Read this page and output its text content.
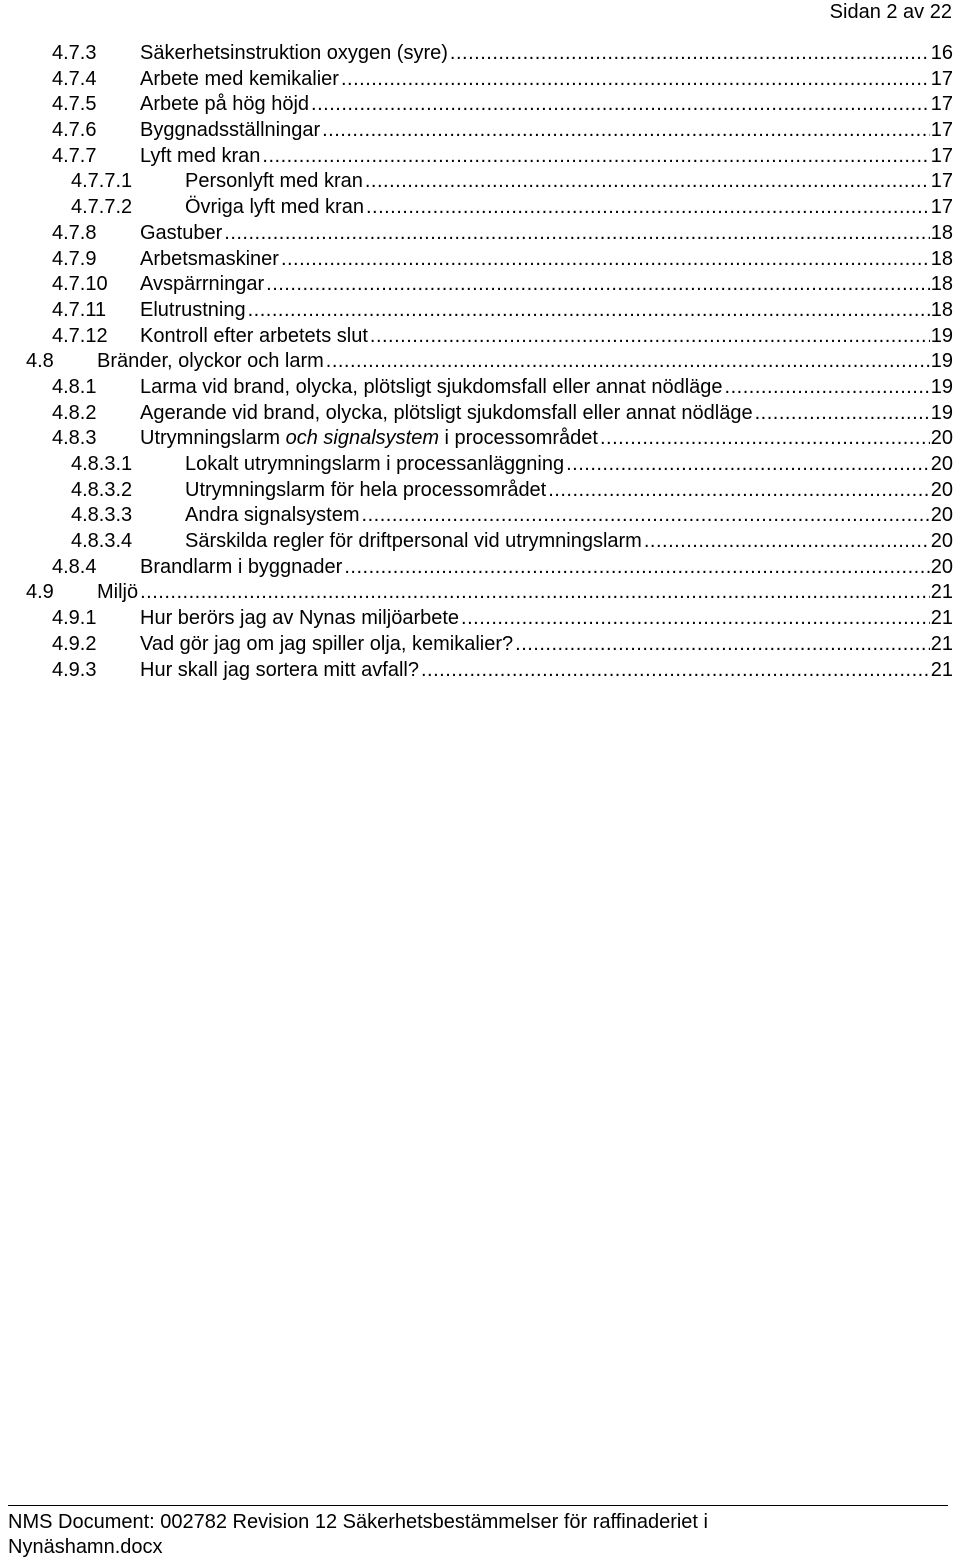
Sidan 2 av 22
4.7.3	Säkerhetsinstruktion oxygen (syre) .....	16
4.7.4	Arbete med kemikalier .....	17
4.7.5	Arbete på hög höjd .....	17
4.7.6	Byggnadsställningar .....	17
4.7.7	Lyft med kran .....	17
4.7.7.1	Personlyft med kran .....	17
4.7.7.2	Övriga lyft med kran .....	17
4.7.8	Gastuber .....	18
4.7.9	Arbetsmaskiner .....	18
4.7.10	Avspärrningar .....	18
4.7.11	Elutrustning .....	18
4.7.12	Kontroll efter arbetets slut .....	19
4.8	Bränder, olyckor och larm .....	19
4.8.1	Larma vid brand, olycka, plötsligt sjukdomsfall eller annat nödläge .....	19
4.8.2	Agerande vid brand, olycka, plötsligt sjukdomsfall eller annat nödläge .....	19
4.8.3	Utrymningslarm och signalsystem i processområdet .....	20
4.8.3.1	Lokalt utrymningslarm i processanläggning .....	20
4.8.3.2	Utrymningslarm för hela processområdet .....	20
4.8.3.3	Andra signalsystem .....	20
4.8.3.4	Särskilda regler för driftpersonal vid utrymningslarm .....	20
4.8.4	Brandlarm i byggnader .....	20
4.9	Miljö .....	21
4.9.1	Hur berörs jag av Nynas miljöarbete .....	21
4.9.2	Vad gör jag om jag spiller olja, kemikalier? .....	21
4.9.3	Hur skall jag sortera mitt avfall? .....	21
NMS Document: 002782 Revision 12 Säkerhetsbestämmelser för raffinaderiet i
Nynäshamn.docx
